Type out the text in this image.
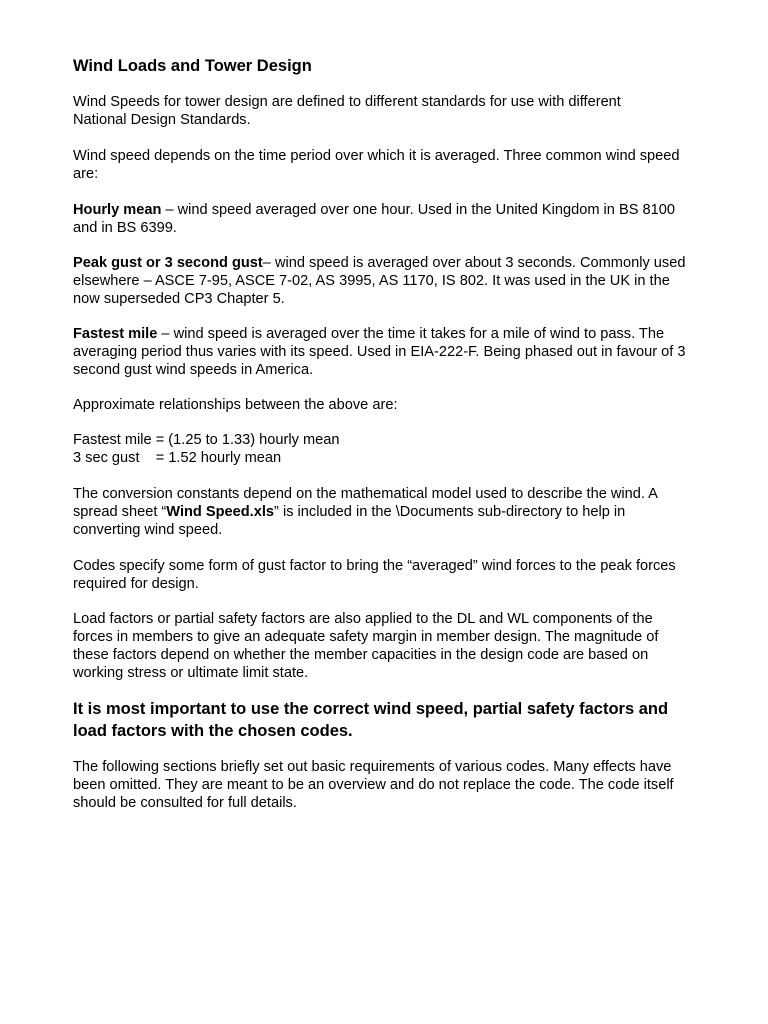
Wind Loads and Tower Design

Wind Speeds for tower design are defined to different standards for use with different
National Design Standards.

Wind speed depends on the time period over which it is averaged. Three common wind speed
are:

Hourly mean – wind speed averaged over one hour. Used in the United Kingdom in BS 8100
and in BS 6399.

Peak gust or 3 second gust– wind speed is averaged over about 3 seconds. Commonly used
elsewhere – ASCE 7-95, ASCE 7-02, AS 3995, AS 1170, IS 802. It was used in the UK in the
now superseded CP3 Chapter 5.

Fastest mile – wind speed is averaged over the time it takes for a mile of wind to pass. The
averaging period thus varies with its speed. Used in EIA-222-F. Being phased out in favour of 3
second gust wind speeds in America.

Approximate relationships between the above are:

Fastest mile = (1.25 to 1.33) hourly mean
3 sec gust    = 1.52 hourly mean

The conversion constants depend on the mathematical model used to describe the wind. A
spread sheet “Wind Speed.xls” is included in the \Documents sub-directory to help in
converting wind speed.

Codes specify some form of gust factor to bring the “averaged” wind forces to the peak forces
required for design.

Load factors or partial safety factors are also applied to the DL and WL components of the
forces in members to give an adequate safety margin in member design. The magnitude of
these factors depend on whether the member capacities in the design code are based on
working stress or ultimate limit state.

It is most important to use the correct wind speed, partial safety factors and
load factors with the chosen codes.

The following sections briefly set out basic requirements of various codes. Many effects have
been omitted. They are meant to be an overview and do not replace the code. The code itself
should be consulted for full details.
